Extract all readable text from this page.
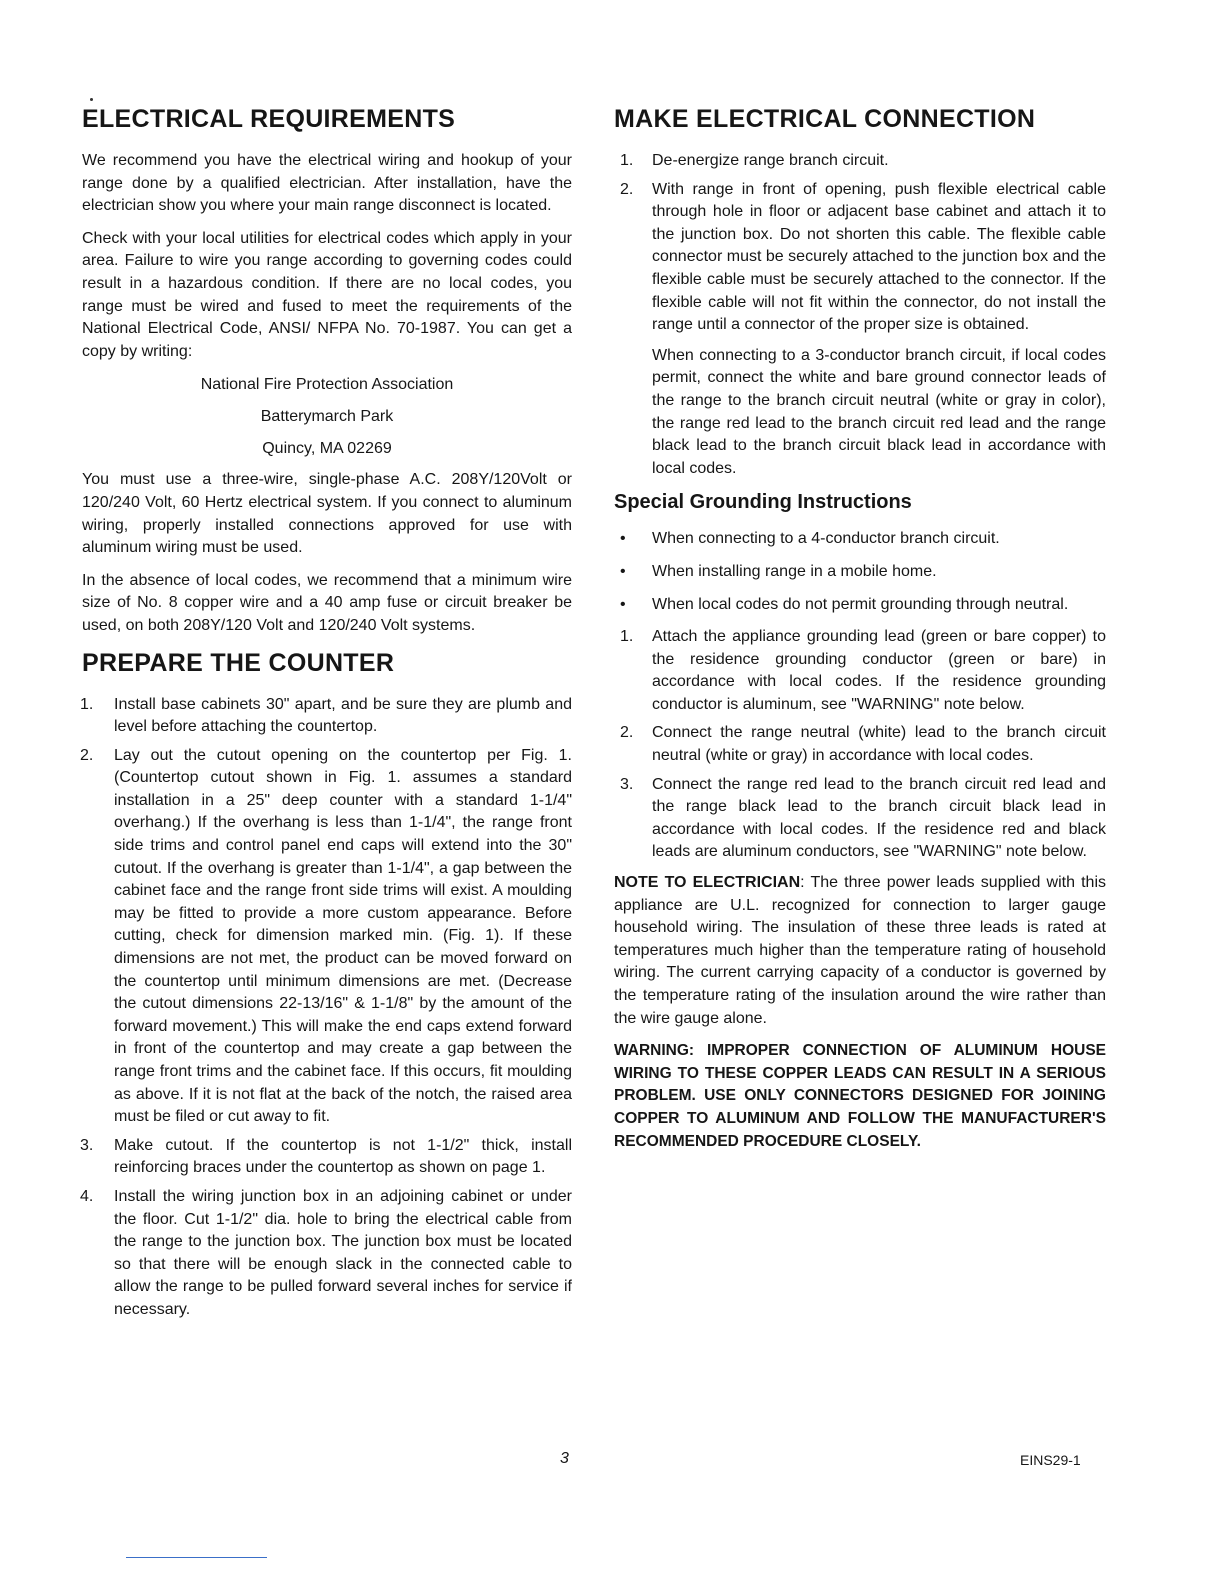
ELECTRICAL REQUIREMENTS

We recommend you have the electrical wiring and hookup of your range done by a qualified electrician. After installation, have the electrician show you where your main range disconnect is located.

Check with your local utilities for electrical codes which apply in your area. Failure to wire you range according to governing codes could result in a hazardous condition. If there are no local codes, you range must be wired and fused to meet the requirements of the National Electrical Code, ANSI/ NFPA No. 70-1987. You can get a copy by writing:

National Fire Protection Association

Batterymarch Park

Quincy, MA 02269

You must use a three-wire, single-phase A.C. 208Y/120Volt or 120/240 Volt, 60 Hertz electrical system. If you connect to aluminum wiring, properly installed connections approved for use with aluminum wiring must be used.

In the absence of local codes, we recommend that a minimum wire size of No. 8 copper wire and a 40 amp fuse or circuit breaker be used, on both 208Y/120 Volt and 120/240 Volt systems.

PREPARE THE COUNTER
1. Install base cabinets 30" apart, and be sure they are plumb and level before attaching the countertop.
2. Lay out the cutout opening on the countertop per Fig. 1. (Countertop cutout shown in Fig. 1. assumes a standard installation in a 25" deep counter with a standard 1-1/4" overhang.) If the overhang is less than 1-1/4", the range front side trims and control panel end caps will extend into the 30" cutout. If the overhang is greater than 1-1/4", a gap between the cabinet face and the range front side trims will exist. A moulding may be fitted to provide a more custom appearance. Before cutting, check for dimension marked min. (Fig. 1). If these dimensions are not met, the product can be moved forward on the countertop until minimum dimensions are met. (Decrease the cutout dimensions 22-13/16" & 1-1/8" by the amount of the forward movement.) This will make the end caps extend forward in front of the countertop and may create a gap between the range front trims and the cabinet face. If this occurs, fit moulding as above. If it is not flat at the back of the notch, the raised area must be filed or cut away to fit.
3. Make cutout. If the countertop is not 1-1/2" thick, install reinforcing braces under the countertop as shown on page 1.
4. Install the wiring junction box in an adjoining cabinet or under the floor. Cut 1-1/2" dia. hole to bring the electrical cable from the range to the junction box. The junction box must be located so that there will be enough slack in the connected cable to allow the range to be pulled forward several inches for service if necessary.
MAKE ELECTRICAL CONNECTION
1. De-energize range branch circuit.
2. With range in front of opening, push flexible electrical cable through hole in floor or adjacent base cabinet and attach it to the junction box. Do not shorten this cable. The flexible cable connector must be securely attached to the junction box and the flexible cable must be securely attached to the connector. If the flexible cable will not fit within the connector, do not install the range until a connector of the proper size is obtained.

When connecting to a 3-conductor branch circuit, if local codes permit, connect the white and bare ground connector leads of the range to the branch circuit neutral (white or gray in color), the range red lead to the branch circuit red lead and the range black lead to the branch circuit black lead in accordance with local codes.

Special Grounding Instructions
• When connecting to a 4-conductor branch circuit.
• When installing range in a mobile home.
• When local codes do not permit grounding through neutral.
1. Attach the appliance grounding lead (green or bare copper) to the residence grounding conductor (green or bare) in accordance with local codes. If the residence grounding conductor is aluminum, see "WARNING" note below.
2. Connect the range neutral (white) lead to the branch circuit neutral (white or gray) in accordance with local codes.
3. Connect the range red lead to the branch circuit red lead and the range black lead to the branch circuit black lead in accordance with local codes. If the residence red and black leads are aluminum conductors, see "WARNING" note below.

NOTE TO ELECTRICIAN: The three power leads supplied with this appliance are U.L. recognized for connection to larger gauge household wiring. The insulation of these three leads is rated at temperatures much higher than the temperature rating of household wiring. The current carrying capacity of a conductor is governed by the temperature rating of the insulation around the wire rather than the wire gauge alone.

WARNING: IMPROPER CONNECTION OF ALUMINUM HOUSE WIRING TO THESE COPPER LEADS CAN RESULT IN A SERIOUS PROBLEM. USE ONLY CONNECTORS DESIGNED FOR JOINING COPPER TO ALUMINUM AND FOLLOW THE MANUFACTURER'S RECOMMENDED PROCEDURE CLOSELY.

3	EINS29-1
